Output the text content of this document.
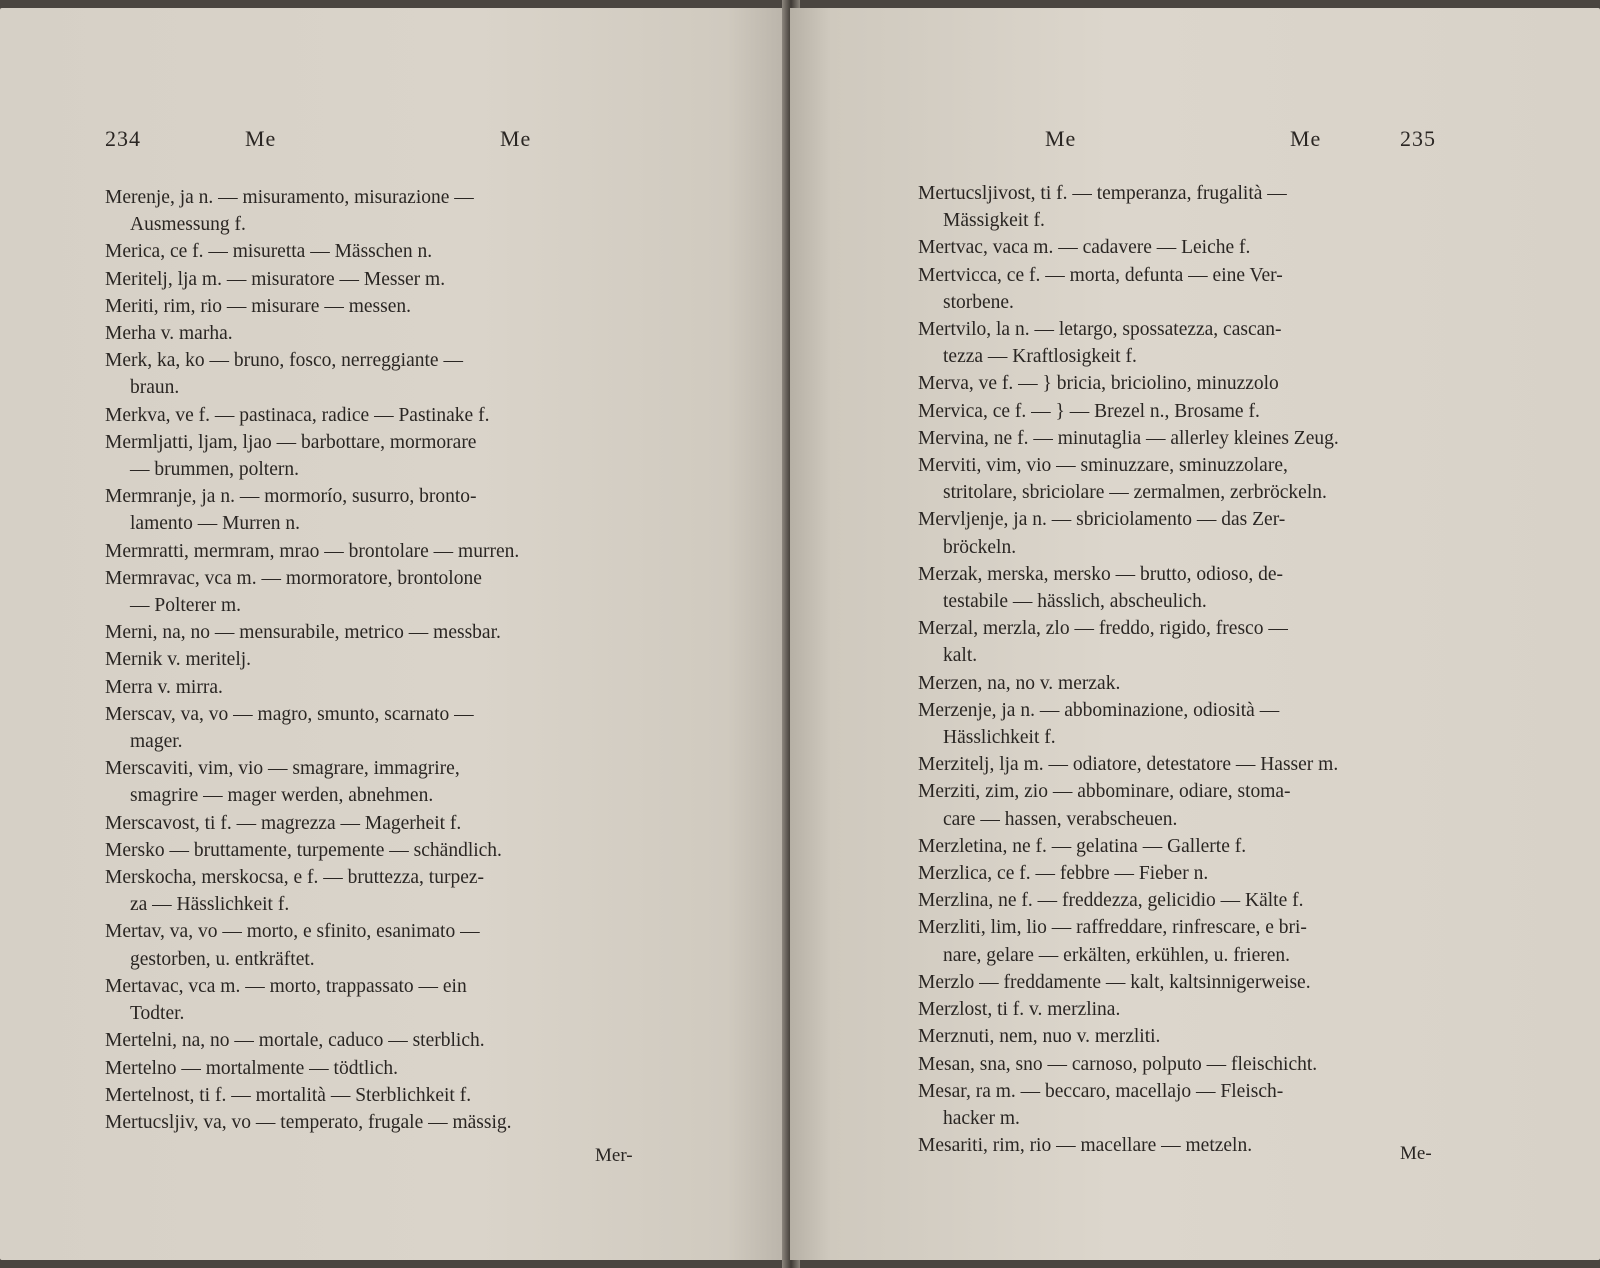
234	Me	Me
Merenje, ja n. — misuramento, misurazione —
Ausmessung f.
Merica, ce f. — misuretta — Mässchen n.
Meritelj, lja m. — misuratore — Messer m.
Meriti, rim, rio — misurare — messen.
Merha v. marha.
Merk, ka, ko — bruno, fosco, nerreggiante —
braun.
Merkva, ve f. — pastinaca, radice — Pastinake f.
Mermljatti, ljam, ljao — barbottare, mormorare
— brummen, poltern.
Mermranje, ja n. — mormorío, susurro, bronto-
lamento — Murren n.
Mermratti, mermram, mrao — brontolare — murren.
Mermravac, vca m. — mormoratore, brontolone
— Polterer m.
Merni, na, no — mensurabile, metrico — messbar.
Mernik v. meritelj.
Merra v. mirra.
Merscav, va, vo — magro, smunto, scarnato —
mager.
Merscaviti, vim, vio — smagrare, immagrire,
smagrire — mager werden, abnehmen.
Merscavost, ti f. — magrezza — Magerheit f.
Mersko — bruttamente, turpemente — schändlich.
Merskocha, merskocsa, e f. — bruttezza, turpez-
za — Hässlichkeit f.
Mertav, va, vo — morto, e sfinito, esanimato —
gestorben, u. entkräftet.
Mertavac, vca m. — morto, trappassato — ein
Todter.
Mertelni, na, no — mortale, caduco — sterblich.
Mertelno — mortalmente — tödtlich.
Mertelnost, ti f. — mortalità — Sterblichkeit f.
Mertucsljiv, va, vo — temperato, frugale — mässig.
Mer-
Me	Me	235
Mertucsljivost, ti f. — temperanza, frugalità —
Mässigkeit f.
Mertvac, vaca m. — cadavere — Leiche f.
Mertvicca, ce f. — morta, defunta — eine Ver-
storbene.
Mertvilo, la n. — letargo, spossatezza, cascan-
tezza — Kraftlosigkeit f.
Merva, ve f. — } bricia, briciolino, minuzzolo
Mervica, ce f. — } — Brezel n., Brosame f.
Mervina, ne f. — minutaglia — allerley kleines Zeug.
Merviti, vim, vio — sminuzzare, sminuzzolare,
stritolare, sbriciolare — zermalmen, zerbröckeln.
Mervljenje, ja n. — sbriciolamento — das Zer-
bröckeln.
Merzak, merska, mersko — brutto, odioso, de-
testabile — hässlich, abscheulich.
Merzal, merzla, zlo — freddo, rigido, fresco —
kalt.
Merzen, na, no v. merzak.
Merzenje, ja n. — abbominazione, odiosità —
Hässlichkeit f.
Merzitelj, lja m. — odiatore, detestatore — Hasser m.
Merziti, zim, zio — abbominare, odiare, stoma-
care — hassen, verabscheuen.
Merzletina, ne f. — gelatina — Gallerte f.
Merzlica, ce f. — febbre — Fieber n.
Merzlina, ne f. — freddezza, gelicidio — Kälte f.
Merzliti, lim, lio — raffreddare, rinfrescare, e bri-
nare, gelare — erkälten, erkühlen, u. frieren.
Merzlo — freddamente — kalt, kaltsinnigerweise.
Merzlost, ti f. v. merzlina.
Merznuti, nem, nuo v. merzliti.
Mesan, sna, sno — carnoso, polputo — fleischicht.
Mesar, ra m. — beccaro, macellajo — Fleisch-
hacker m.
Mesariti, rim, rio — macellare — metzeln.	Me-
